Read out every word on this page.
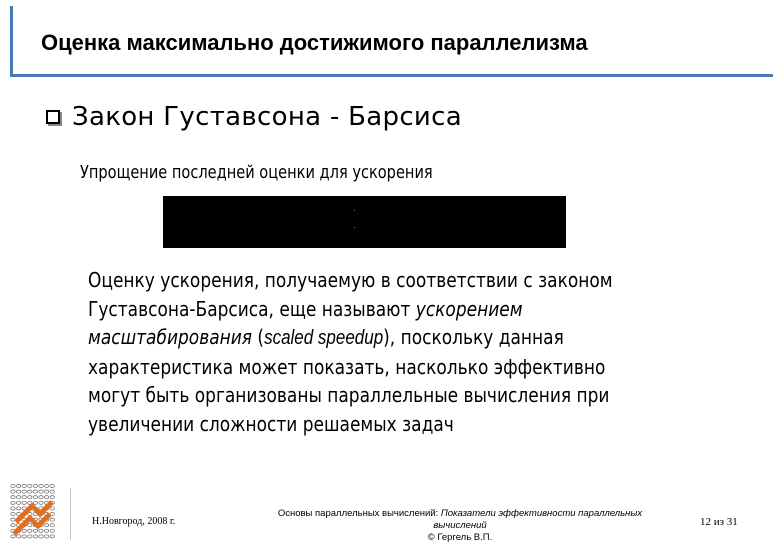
Оценка максимально достижимого параллелизма
Закон Густавсона - Барсиса
Упрощение последней оценки для ускорения
Оценку ускорения, получаемую в соответствии с законом Густавсона-Барсиса, еще называют ускорением масштабирования (scaled speedup), поскольку данная характеристика может показать, насколько эффективно могут быть организованы параллельные вычисления при увеличении сложности решаемых задач
Н.Новгород, 2008 г.
Основы параллельных вычислений: Показатели эффективности параллельных вычислений
© Гергель В.П.
12 из 31
